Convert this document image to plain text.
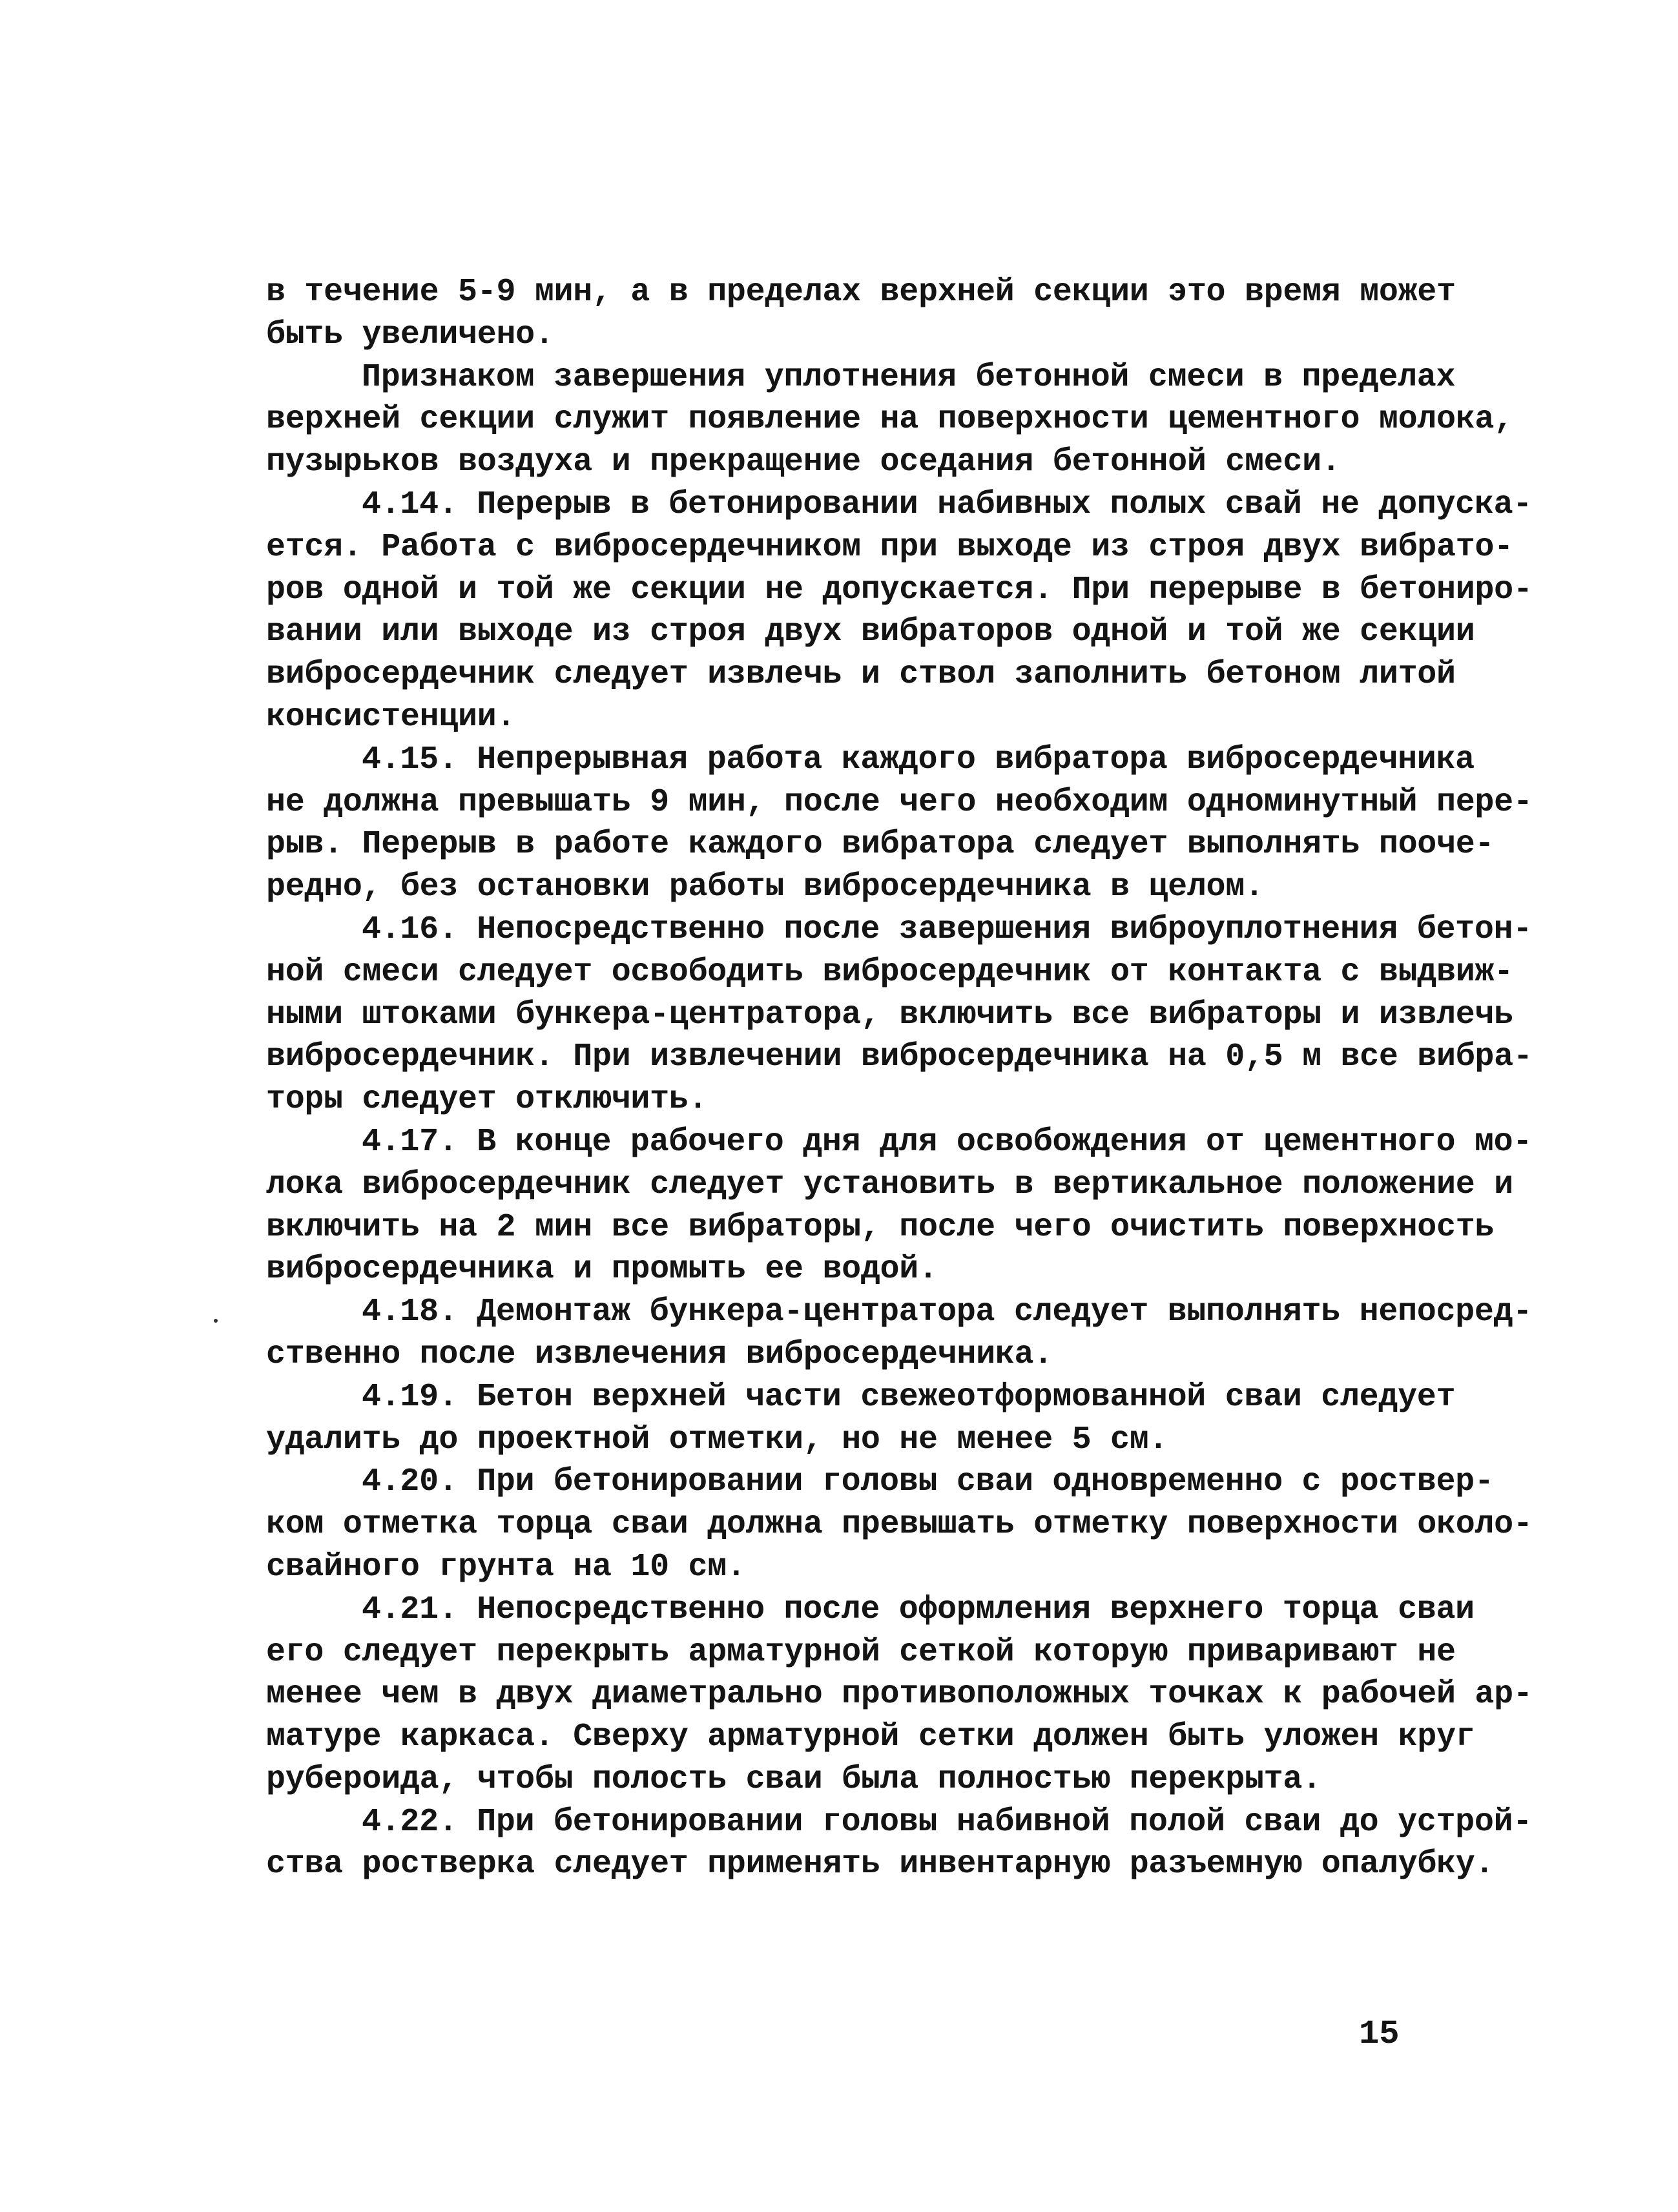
в течение 5-9 мин, а в пределах верхней секции это время может
быть увеличено.
Признаком завершения уплотнения бетонной смеси в пределах
верхней секции служит появление на поверхности цементного молока,
пузырьков воздуха и прекращение оседания бетонной смеси.
4.14. Перерыв в бетонировании набивных полых свай не допуска-
ется. Работа с вибросердечником при выходе из строя двух вибрато-
ров одной и той же секции не допускается. При перерыве в бетониро-
вании или выходе из строя двух вибраторов одной и той же секции
вибросердечник следует извлечь и ствол заполнить бетоном литой
консистенции.
4.15. Непрерывная работа каждого вибратора вибросердечника
не должна превышать 9 мин, после чего необходим одноминутный пере-
рыв. Перерыв в работе каждого вибратора следует выполнять пооче-
редно, без остановки работы вибросердечника в целом.
4.16. Непосредственно после завершения виброуплотнения бетон-
ной смеси следует освободить вибросердечник от контакта с выдвиж-
ными штоками бункера-центратора, включить все вибраторы и извлечь
вибросердечник. При извлечении вибросердечника на 0,5 м все вибра-
торы следует отключить.
4.17. В конце рабочего дня для освобождения от цементного мо-
лока вибросердечник следует установить в вертикальное положение и
включить на 2 мин все вибраторы, после чего очистить поверхность
вибросердечника и промыть ее водой.
4.18. Демонтаж бункера-центратора следует выполнять непосред-
ственно после извлечения вибросердечника.
4.19. Бетон верхней части свежеотформованной сваи следует
удалить до проектной отметки, но не менее 5 см.
4.20. При бетонировании головы сваи одновременно с роствер-
ком отметка торца сваи должна превышать отметку поверхности около-
свайного грунта на 10 см.
4.21. Непосредственно после оформления верхнего торца сваи
его следует перекрыть арматурной сеткой которую приваривают не
менее чем в двух диаметрально противоположных точках к рабочей ар-
матуре каркаса. Сверху арматурной сетки должен быть уложен круг
рубероида, чтобы полость сваи была полностью перекрыта.
4.22. При бетонировании головы набивной полой сваи до устрой-
ства ростверка следует применять инвентарную разъемную опалубку.
15
